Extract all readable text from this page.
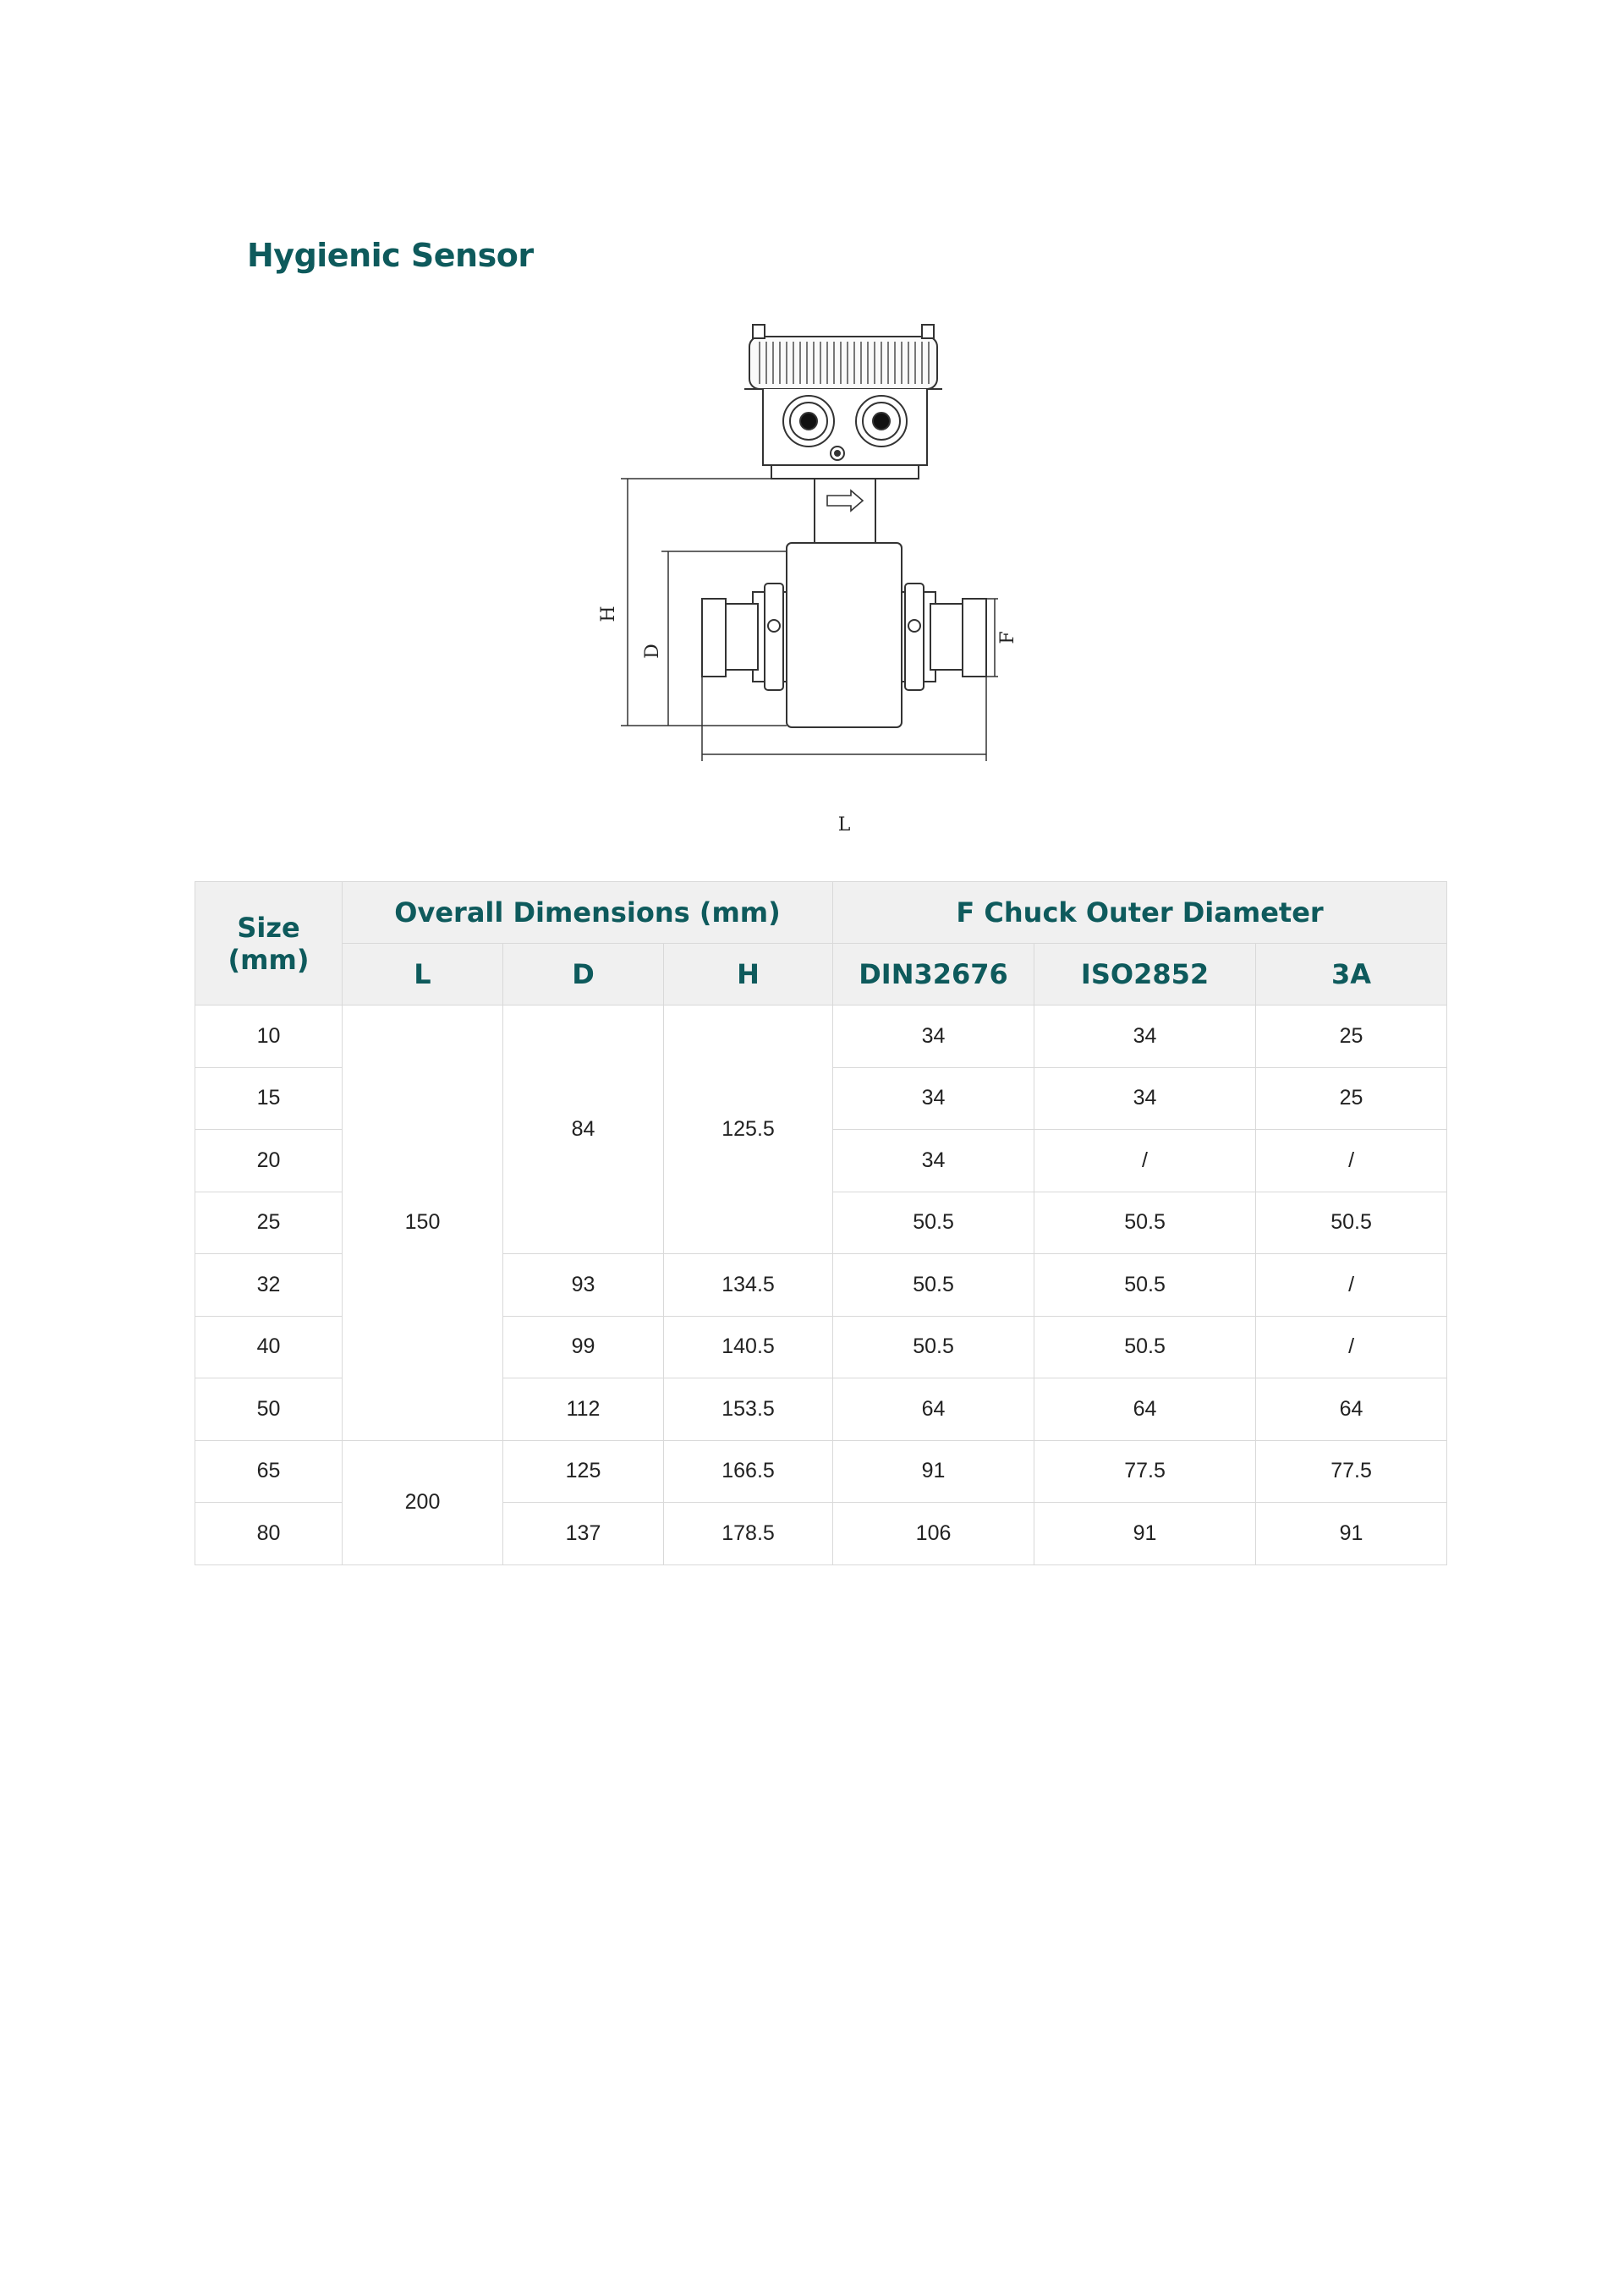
Hygienic Sensor
H
D
L
F
Size
(mm)	Overall Dimensions (mm)			F Chuck Outer Diameter		
	L	D	H	DIN32676	ISO2852	3A
10	150	84	125.5	34	34	25
15				34	34	25
20				34	/	/
25				50.5	50.5	50.5
32		93	134.5	50.5	50.5	/
40		99	140.5	50.5	50.5	/
50		112	153.5	64	64	64
65	200	125	166.5	91	77.5	77.5
80		137	178.5	106	91	91
